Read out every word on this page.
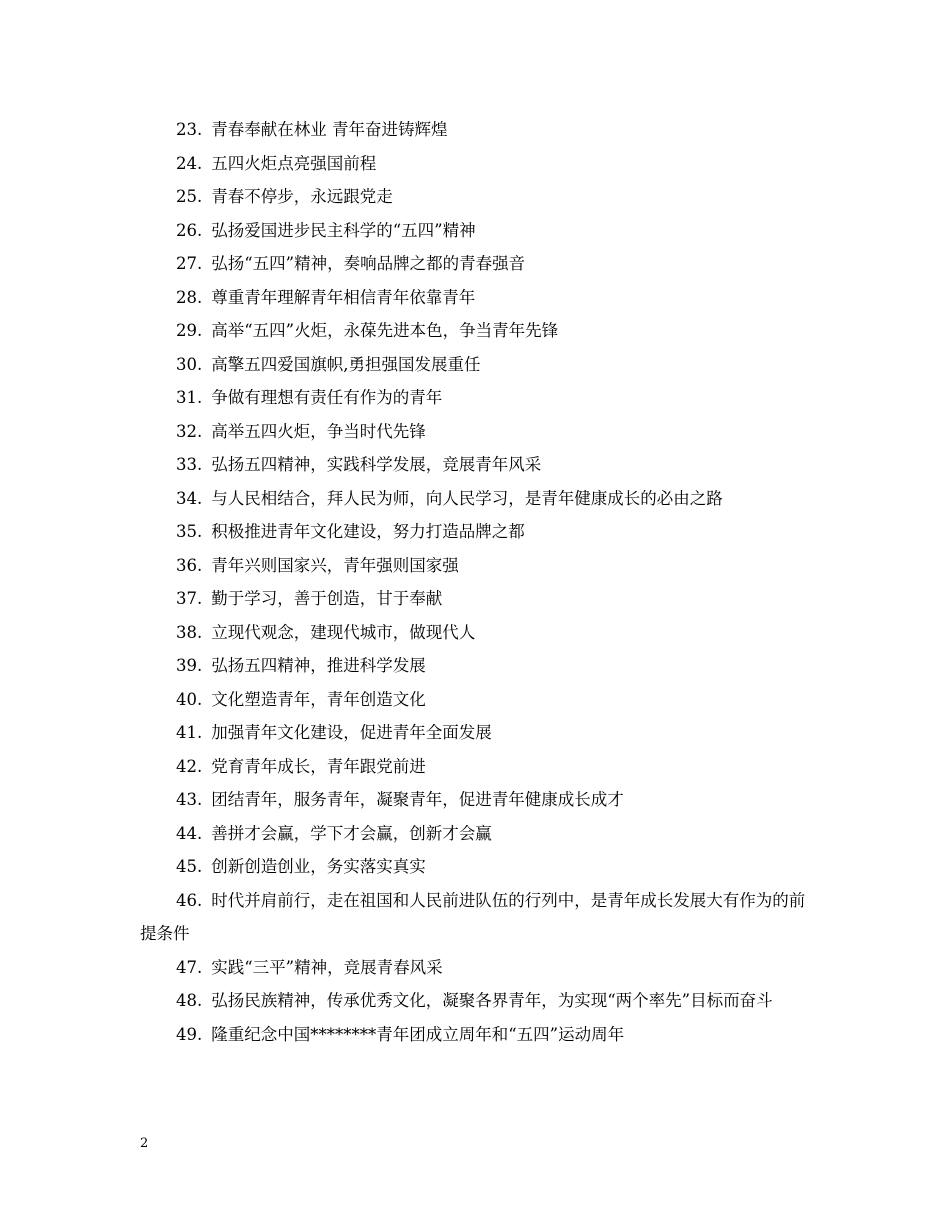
23. 青春奉献在林业 青年奋进铸辉煌
24. 五四火炬点亮强国前程
25. 青春不停步，永远跟党走
26. 弘扬爱国进步民主科学的“五四”精神
27. 弘扬“五四”精神，奏响品牌之都的青春强音
28. 尊重青年理解青年相信青年依靠青年
29. 高举“五四”火炬，永葆先进本色，争当青年先锋
30. 高擎五四爱国旗帜,勇担强国发展重任
31. 争做有理想有责任有作为的青年
32. 高举五四火炬，争当时代先锋
33. 弘扬五四精神，实践科学发展，竞展青年风采
34. 与人民相结合，拜人民为师，向人民学习，是青年健康成长的必由之路
35. 积极推进青年文化建设，努力打造品牌之都
36. 青年兴则国家兴，青年强则国家强
37. 勤于学习，善于创造，甘于奉献
38. 立现代观念，建现代城市，做现代人
39. 弘扬五四精神，推进科学发展
40. 文化塑造青年，青年创造文化
41. 加强青年文化建设，促进青年全面发展
42. 党育青年成长，青年跟党前进
43. 团结青年，服务青年，凝聚青年，促进青年健康成长成才
44. 善拼才会赢，学下才会赢，创新才会赢
45. 创新创造创业，务实落实真实
46. 时代并肩前行，走在祖国和人民前进队伍的行列中，是青年成长发展大有作为的前提条件
47. 实践“三平”精神，竞展青春风采
48. 弘扬民族精神，传承优秀文化，凝聚各界青年，为实现“两个率先”目标而奋斗
49. 隆重纪念中国********青年团成立周年和“五四”运动周年
2
